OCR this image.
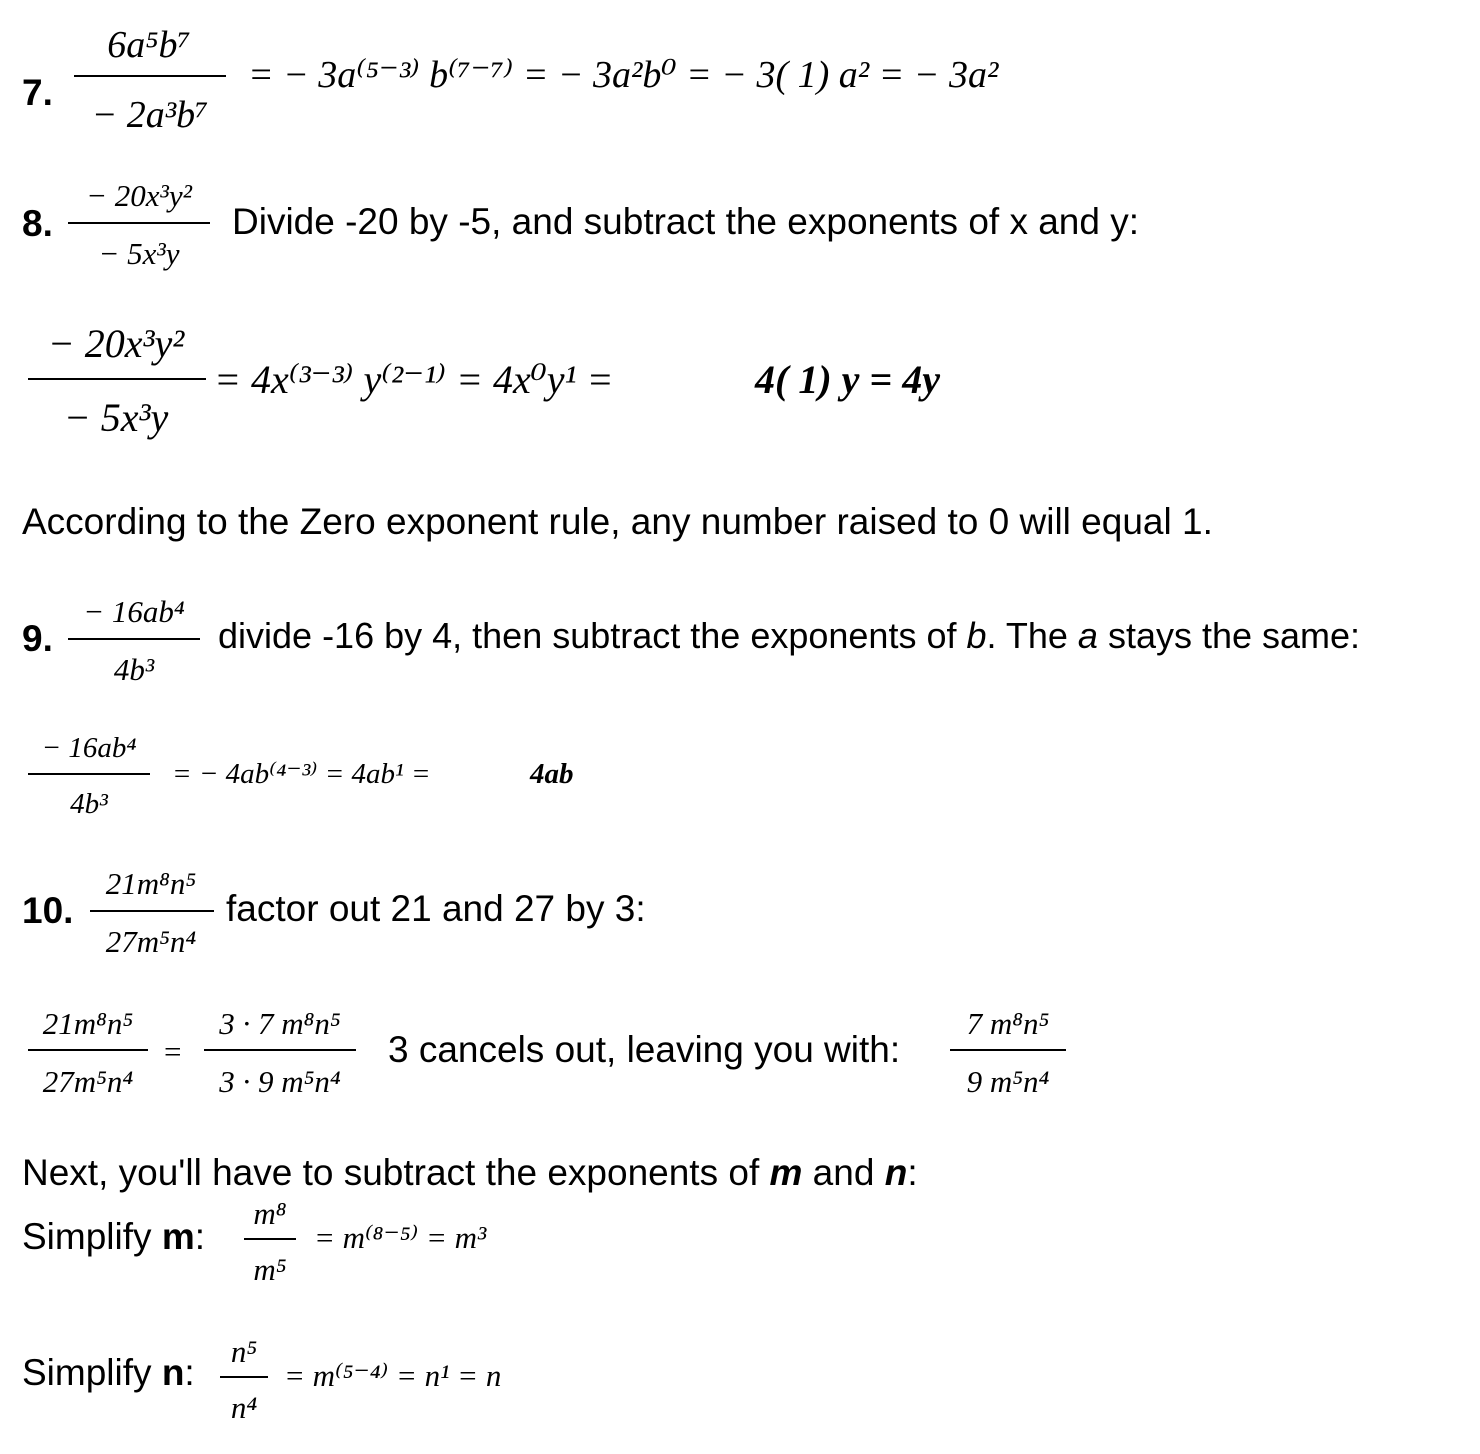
7.
6a⁵b⁷
− 2a³b⁷
= − 3a⁽⁵⁻³⁾ b⁽⁷⁻⁷⁾ = − 3a²b⁰ = − 3( 1) a² = − 3a²
8.
− 20x³y²
− 5x³y
Divide -20 by -5, and subtract the exponents of x and y:
− 20x³y²
− 5x³y
= 4x⁽³⁻³⁾ y⁽²⁻¹⁾ = 4x⁰y¹ =	4( 1) y = 4y
According to the Zero exponent rule, any number raised to 0 will equal 1.
9.
− 16ab⁴
4b³
divide -16 by 4, then subtract the exponents of b. The a stays the same:
− 16ab⁴
4b³
= − 4ab⁽⁴⁻³⁾ = 4ab¹ =	4ab
10.
21m⁸n⁵
27m⁵n⁴
factor out 21 and 27 by 3:
21m⁸n⁵
27m⁵n⁴
=
3 · 7 m⁸n⁵
3 · 9 m⁵n⁴
3 cancels out, leaving you with:
7 m⁸n⁵
9 m⁵n⁴
Next, you'll have to subtract the exponents of m and n:
Simplify m:
m⁸
m⁵
= m⁽⁸⁻⁵⁾ = m³
Simplify n:
n⁵
n⁴
= m⁽⁵⁻⁴⁾ = n¹ = n
